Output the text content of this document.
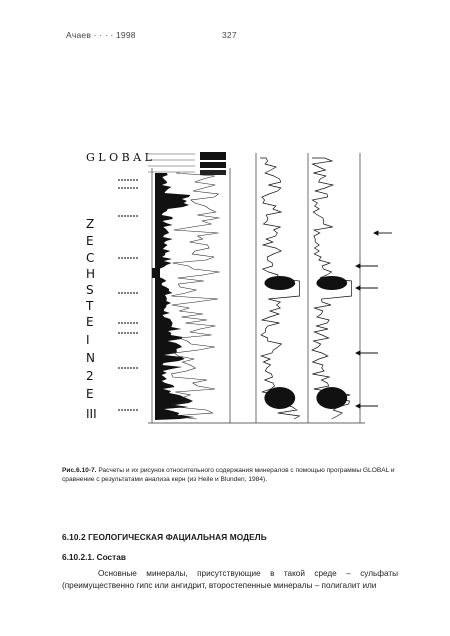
Ачаев · · · · 1998	327
G L O B A L
Z
E
C
H
S
T
E
I
N
2
E
III
Рис.6.10-7. Расчеты и их рисунок относительного содержания минералов с помощью программы GLOBAL и сравнение с результатами анализа керн (из Heile и Blunden, 1984).
6.10.2 ГЕОЛОГИЧЕСКАЯ ФАЦИАЛЬНАЯ МОДЕЛЬ
6.10.2.1. Состав
Основные минералы, присутствующие в такой среде – сульфаты (преимущественно гипс или ангидрит, второстепенные минералы – полигалит или
